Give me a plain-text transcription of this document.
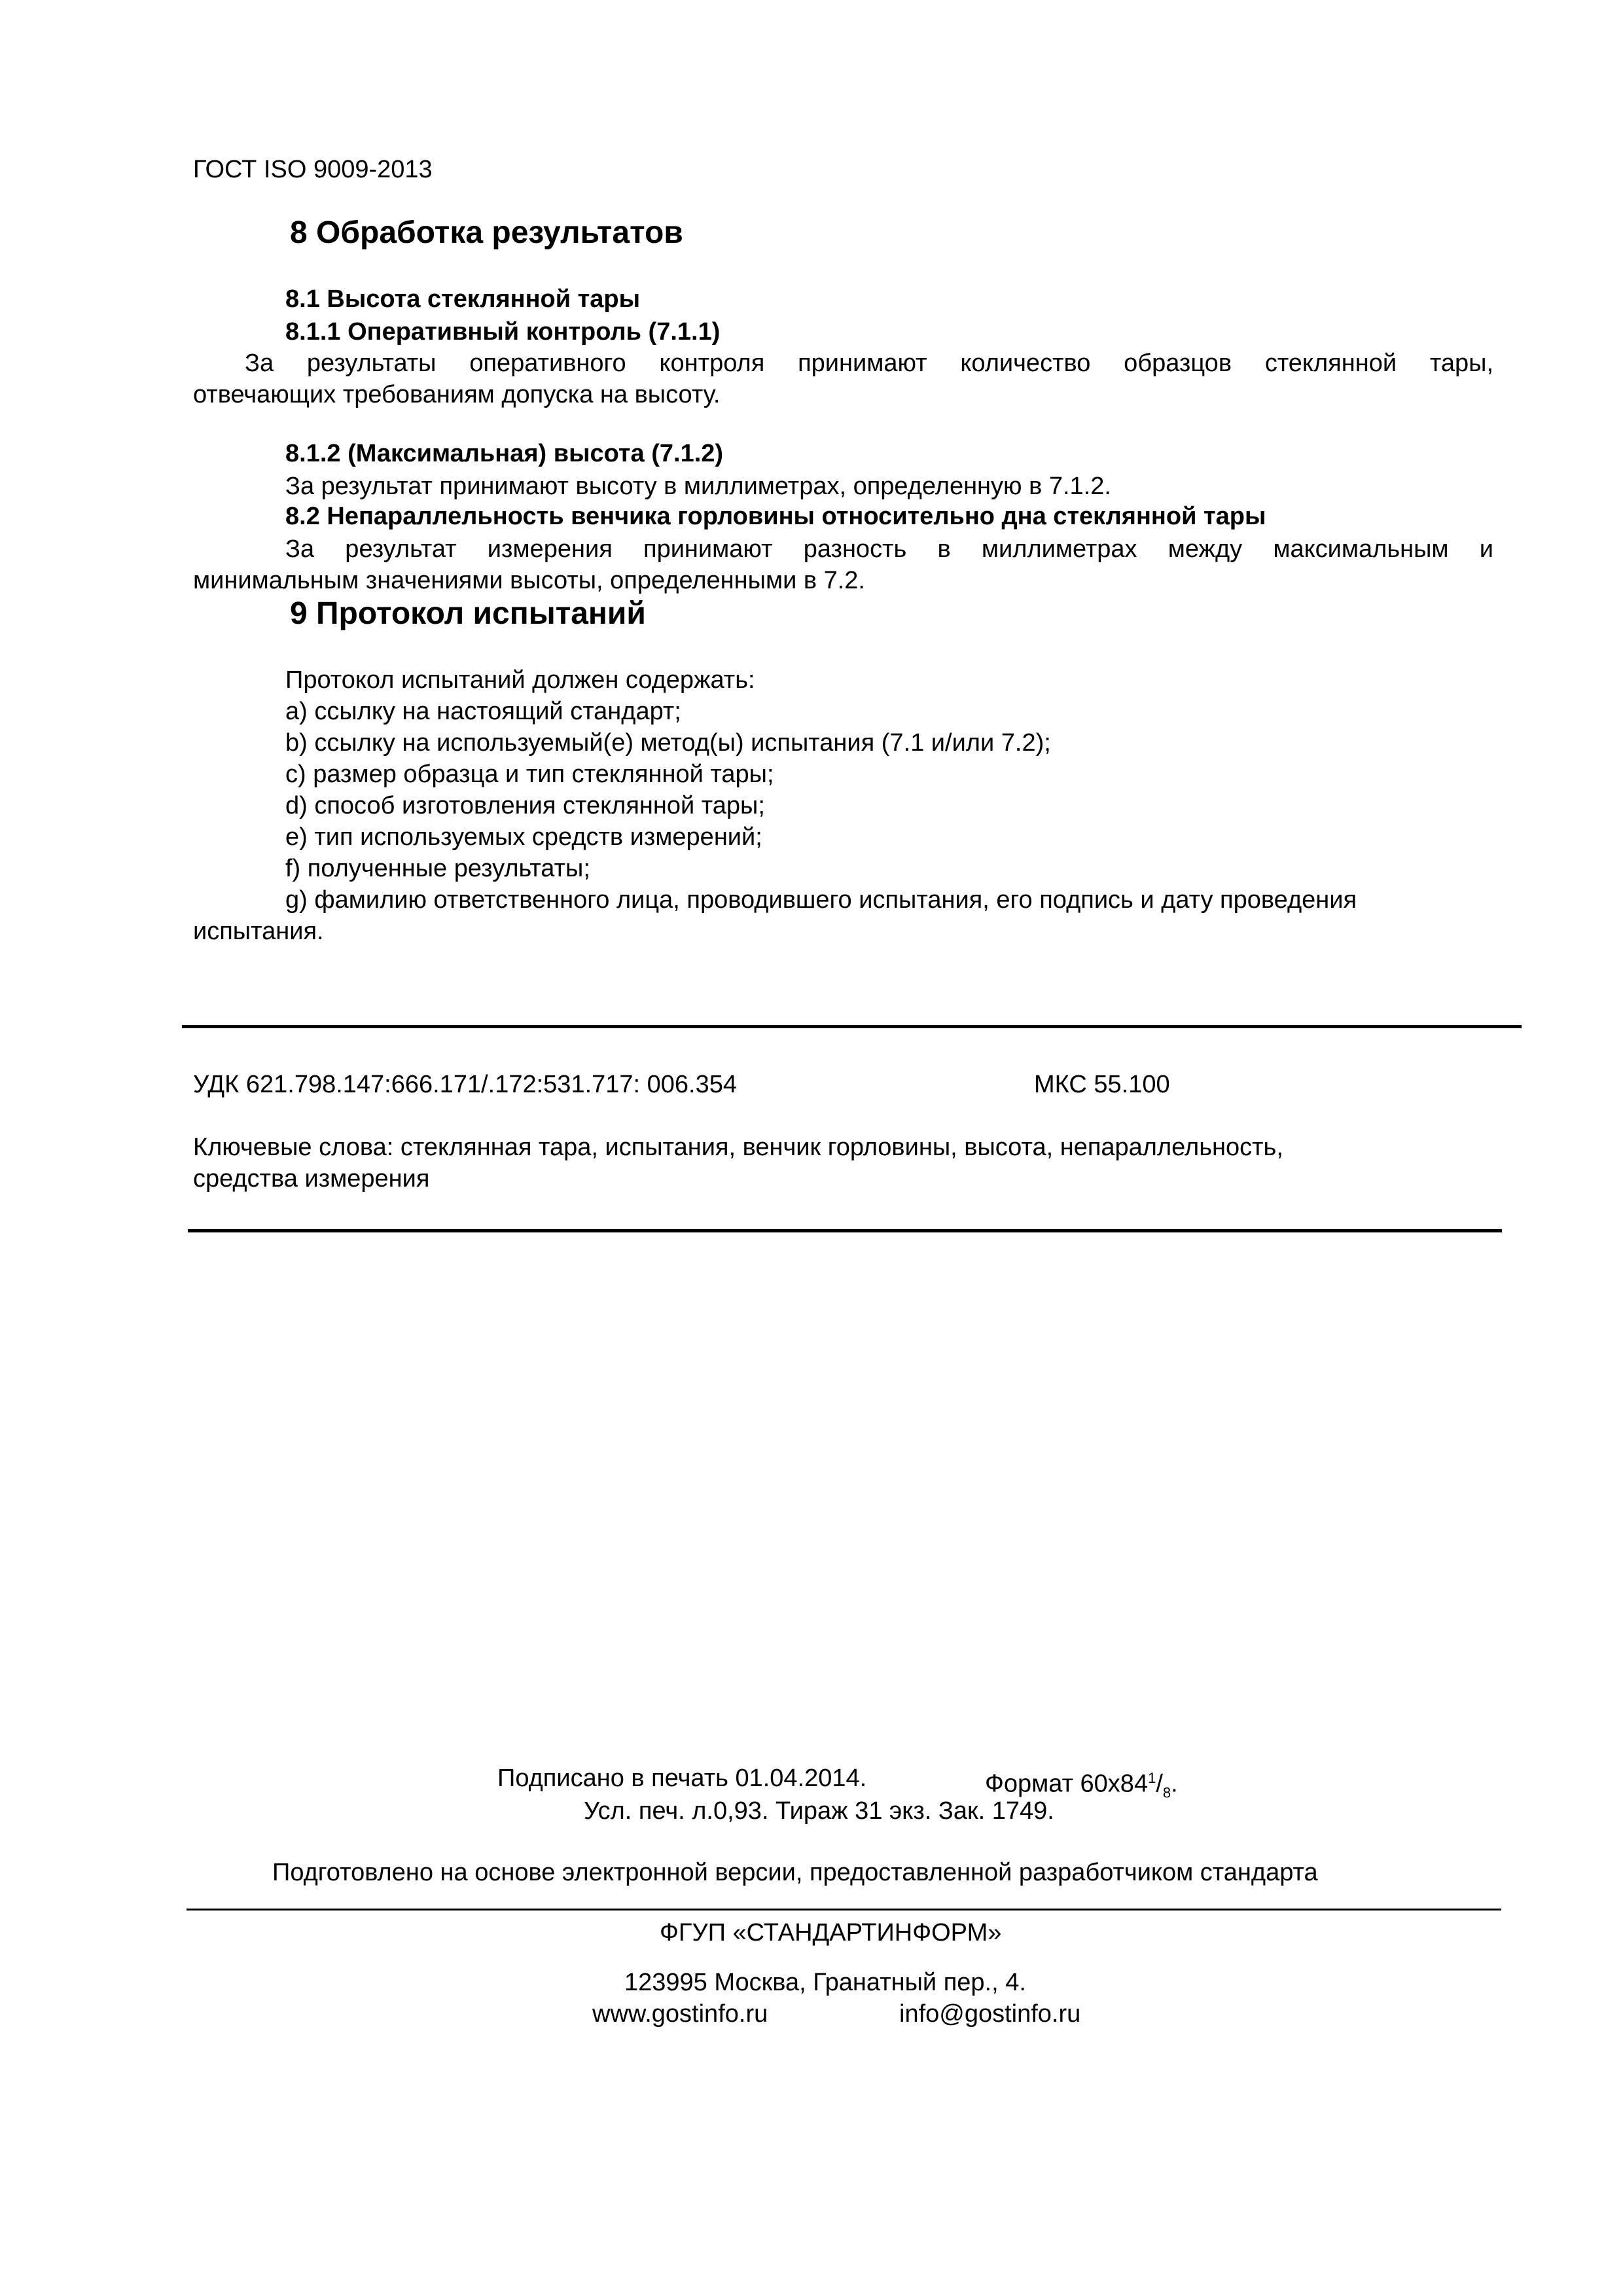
ГОСТ ISO 9009-2013
8 Обработка результатов
8.1 Высота стеклянной тары
8.1.1 Оперативный контроль (7.1.1)
За результаты оперативного контроля принимают количество образцов стеклянной тары,
отвечающих требованиям допуска на высоту.
8.1.2 (Максимальная) высота (7.1.2)
За результат принимают высоту в миллиметрах, определенную в 7.1.2.
8.2 Непараллельность венчика горловины относительно дна стеклянной тары
За результат измерения принимают разность в миллиметрах между максимальным и
минимальным значениями высоты, определенными в 7.2.
9 Протокол испытаний
Протокол испытаний должен содержать:
а) ссылку на настоящий стандарт;
b) ссылку на используемый(е) метод(ы) испытания (7.1 и/или 7.2);
c) размер образца и тип стеклянной тары;
d) способ изготовления стеклянной тары;
е) тип используемых средств измерений;
f) полученные результаты;
g) фамилию ответственного лица, проводившего испытания, его подпись и дату проведения
испытания.
УДК 621.798.147:666.171/.172:531.717: 006.354	МКС 55.100
Ключевые слова: стеклянная тара, испытания, венчик горловины, высота, непараллельность,
средства измерения
Подписано в печать 01.04.2014.	Формат $60х84^1/_8$.
Усл. печ. л.0,93. Тираж 31 экз. Зак. 1749.
Подготовлено на основе электронной версии, предоставленной разработчиком стандарта
ФГУП «СТАНДАРТИНФОРМ»
123995 Москва, Гранатный пер., 4.
www.gostinfo.ru	info@gostinfo.ru
